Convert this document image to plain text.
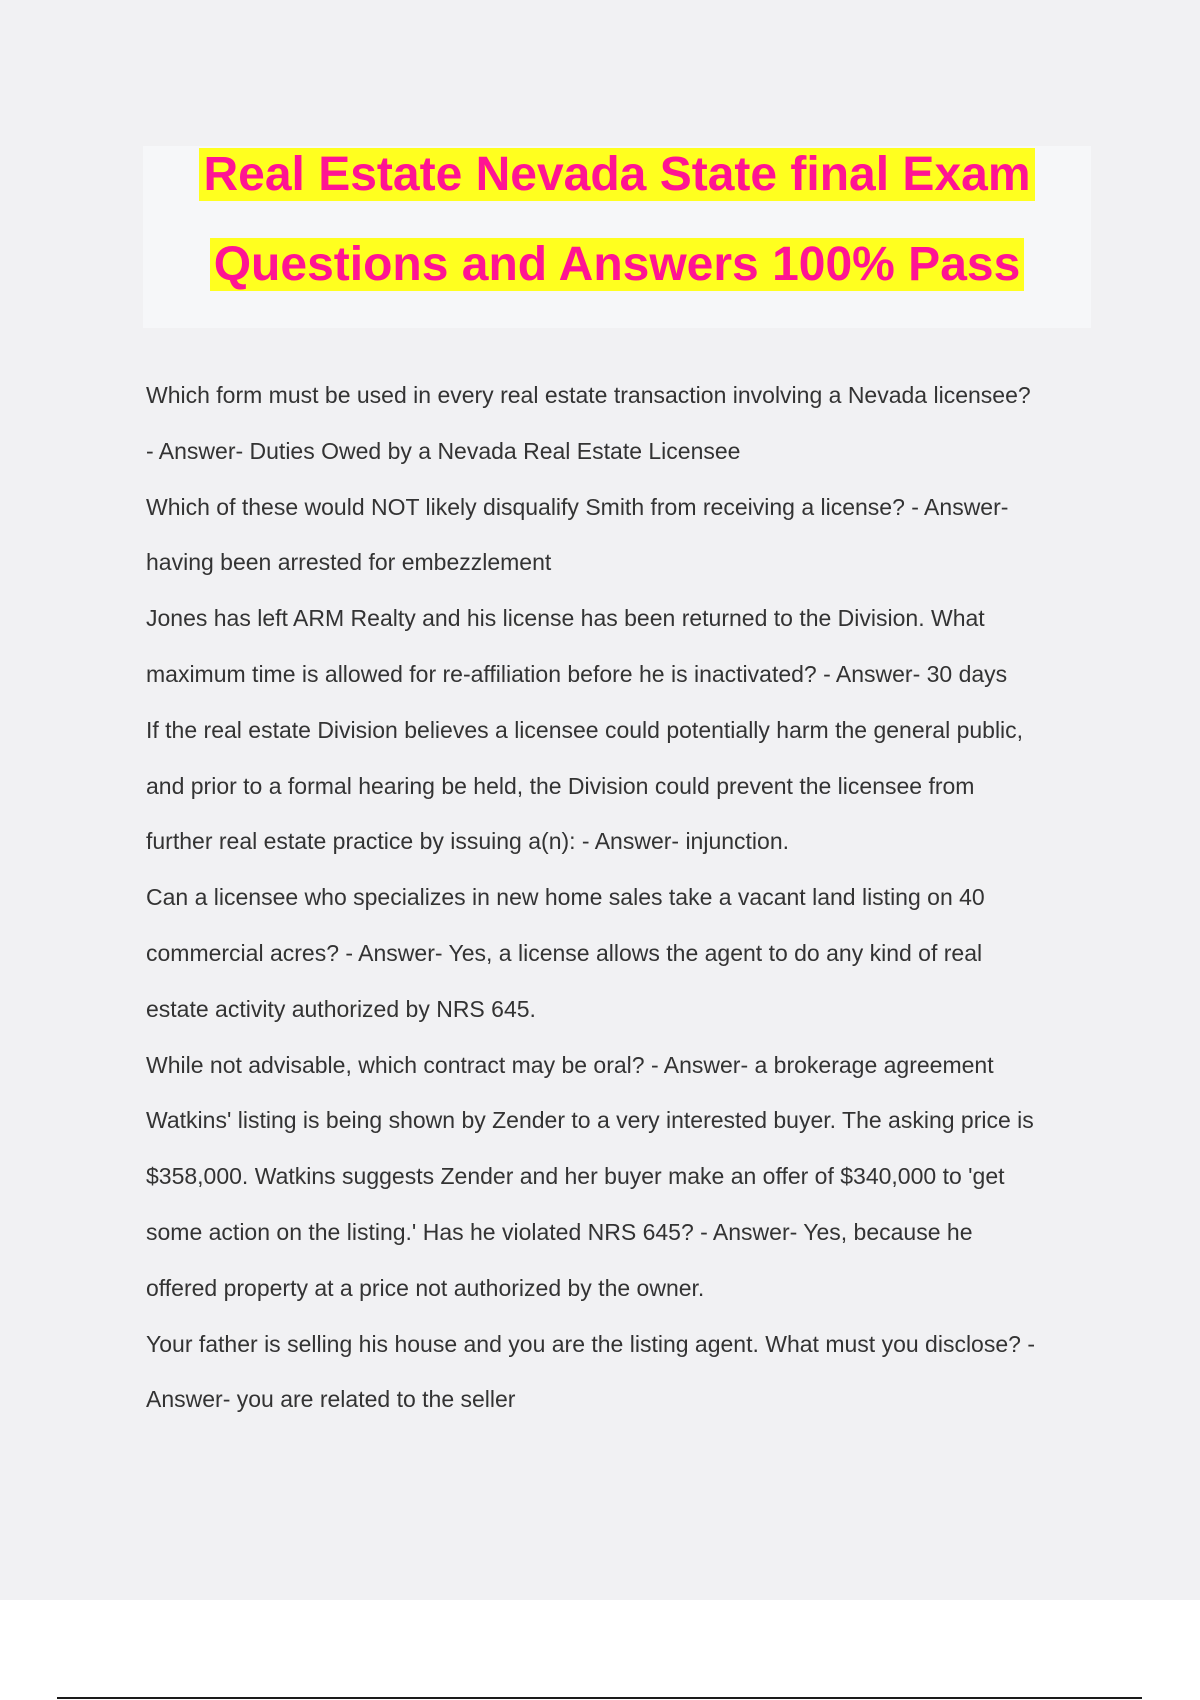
Real Estate Nevada State final Exam
Questions and Answers 100% Pass
Which form must be used in every real estate transaction involving a Nevada licensee?
- Answer- Duties Owed by a Nevada Real Estate Licensee
Which of these would NOT likely disqualify Smith from receiving a license? - Answer-
having been arrested for embezzlement
Jones has left ARM Realty and his license has been returned to the Division. What
maximum time is allowed for re-affiliation before he is inactivated? - Answer- 30 days
If the real estate Division believes a licensee could potentially harm the general public,
and prior to a formal hearing be held, the Division could prevent the licensee from
further real estate practice by issuing a(n): - Answer- injunction.
Can a licensee who specializes in new home sales take a vacant land listing on 40
commercial acres? - Answer- Yes, a license allows the agent to do any kind of real
estate activity authorized by NRS 645.
While not advisable, which contract may be oral? - Answer- a brokerage agreement
Watkins' listing is being shown by Zender to a very interested buyer. The asking price is
$358,000. Watkins suggests Zender and her buyer make an offer of $340,000 to 'get
some action on the listing.' Has he violated NRS 645? - Answer- Yes, because he
offered property at a price not authorized by the owner.
Your father is selling his house and you are the listing agent. What must you disclose? -
Answer- you are related to the seller
